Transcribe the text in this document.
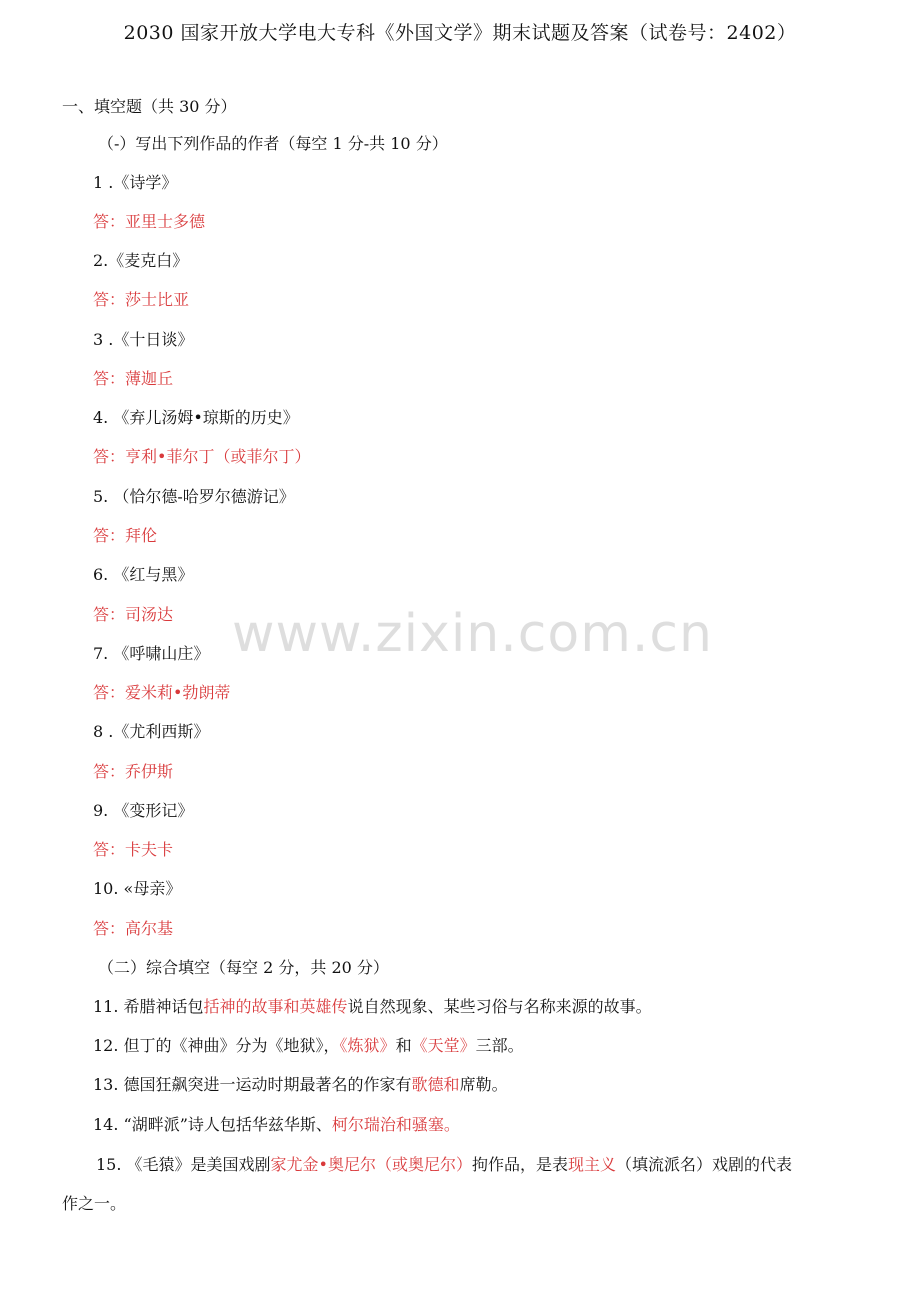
2030 国家开放大学电大专科《外国文学》期末试题及答案（试卷号：2402）
一、填空题（共 30 分）
（-）写出下列作品的作者（每空 1 分-共 10 分）
1 .《诗学》
答：亚里士多德
2.《麦克白》
答：莎士比亚
3 .《十日谈》
答：薄迦丘
4. 《弃儿汤姆•琼斯的历史》
答：亨利•菲尔丁（或菲尔丁）
5. （恰尔德-哈罗尔德游记》
答：拜伦
6. 《红与黑》
答：司汤达
7. 《呼啸山庄》
答：爱米莉•勃朗蒂
8 .《尤利西斯》
答：乔伊斯
9. 《变形记》
答：卡夫卡
10. «母亲》
答：高尔基
（二）综合填空（每空 2 分，共 20 分）
11. 希腊神话包括神的故事和英雄传说自然现象、某些习俗与名称来源的故事。
12. 但丁的《神曲》分为《地狱》，《炼狱》和《天堂》三部。
13. 德国狂飙突进一运动时期最著名的作家有歌德和席勒。
14. “湖畔派”诗人包括华兹华斯、柯尔瑞治和骚塞。
15. 《毛猿》是美国戏剧家尤金•奥尼尔（或奥尼尔）拘作品，是表现主义（填流派名）戏剧的代表
作之一。
www.zixin.com.cn
